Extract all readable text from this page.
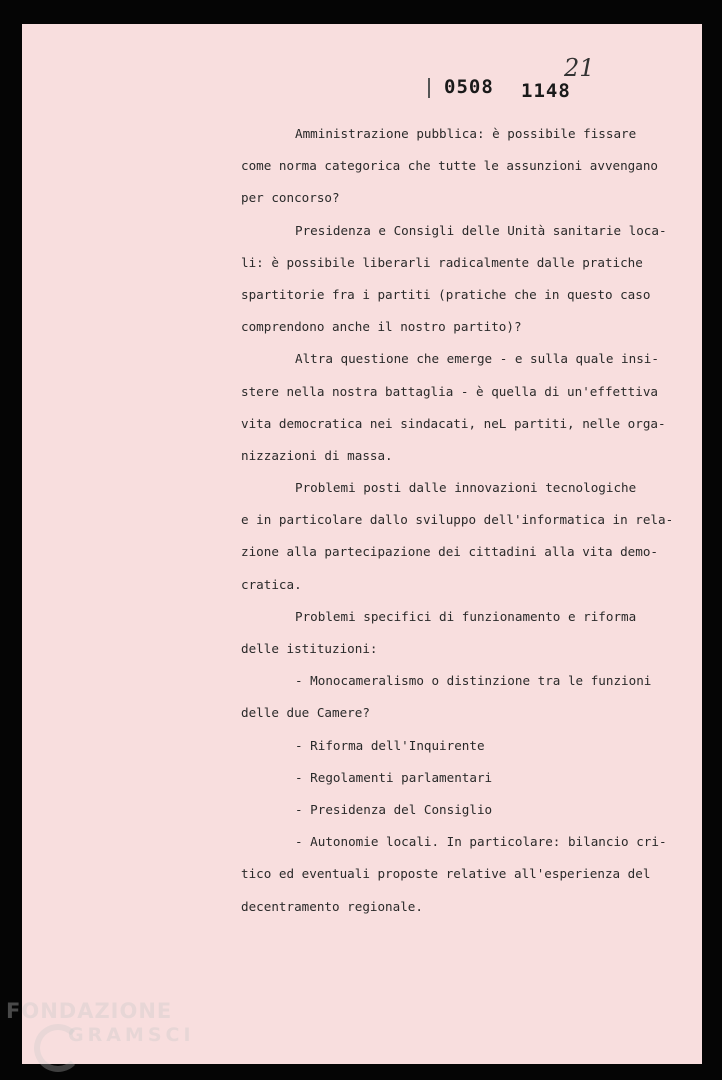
0508 1148
21
Amministrazione pubblica: è possibile fissare
come norma categorica che tutte le assunzioni avvengano
per concorso?
Presidenza e Consigli delle Unità sanitarie loca-
li: è possibile liberarli radicalmente dalle pratiche
spartitorie fra i partiti (pratiche che in questo caso
comprendono anche il nostro partito)?
Altra questione che emerge - e sulla quale insi-
stere nella nostra battaglia - è quella di un'effettiva
vita democratica nei sindacati, neL partiti, nelle orga-
nizzazioni di massa.
Problemi posti dalle innovazioni tecnologiche
e in particolare dallo sviluppo dell'informatica in rela-
zione alla partecipazione dei cittadini alla vita demo-
cratica.
Problemi specifici di funzionamento e riforma
delle istituzioni:
- Monocameralismo o distinzione tra le funzioni
delle due Camere?
- Riforma dell'Inquirente
- Regolamenti parlamentari
- Presidenza del Consiglio
- Autonomie locali. In particolare: bilancio cri-
tico ed eventuali proposte relative all'esperienza del
decentramento regionale.
FONDAZIONE
GRAMSCI
